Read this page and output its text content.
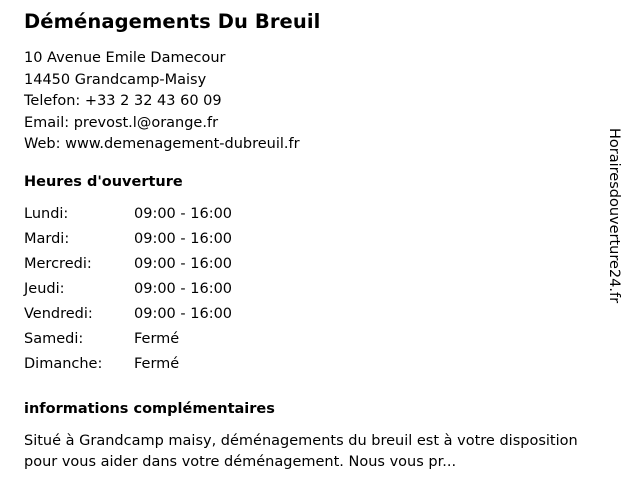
Déménagements Du Breuil
10 Avenue Emile Damecour
14450 Grandcamp-Maisy
Telefon: +33 2 32 43 60 09
Email: prevost.l@orange.fr
Web: www.demenagement-dubreuil.fr
Heures d'ouverture
Lundi:	09:00 - 16:00
Mardi:	09:00 - 16:00
Mercredi:	09:00 - 16:00
Jeudi:	09:00 - 16:00
Vendredi:	09:00 - 16:00
Samedi:	Fermé
Dimanche:	Fermé
informations complémentaires
Situé à Grandcamp maisy, déménagements du breuil est à votre disposition pour vous aider dans votre déménagement. Nous vous pr...
Horairesdouverture24.fr
